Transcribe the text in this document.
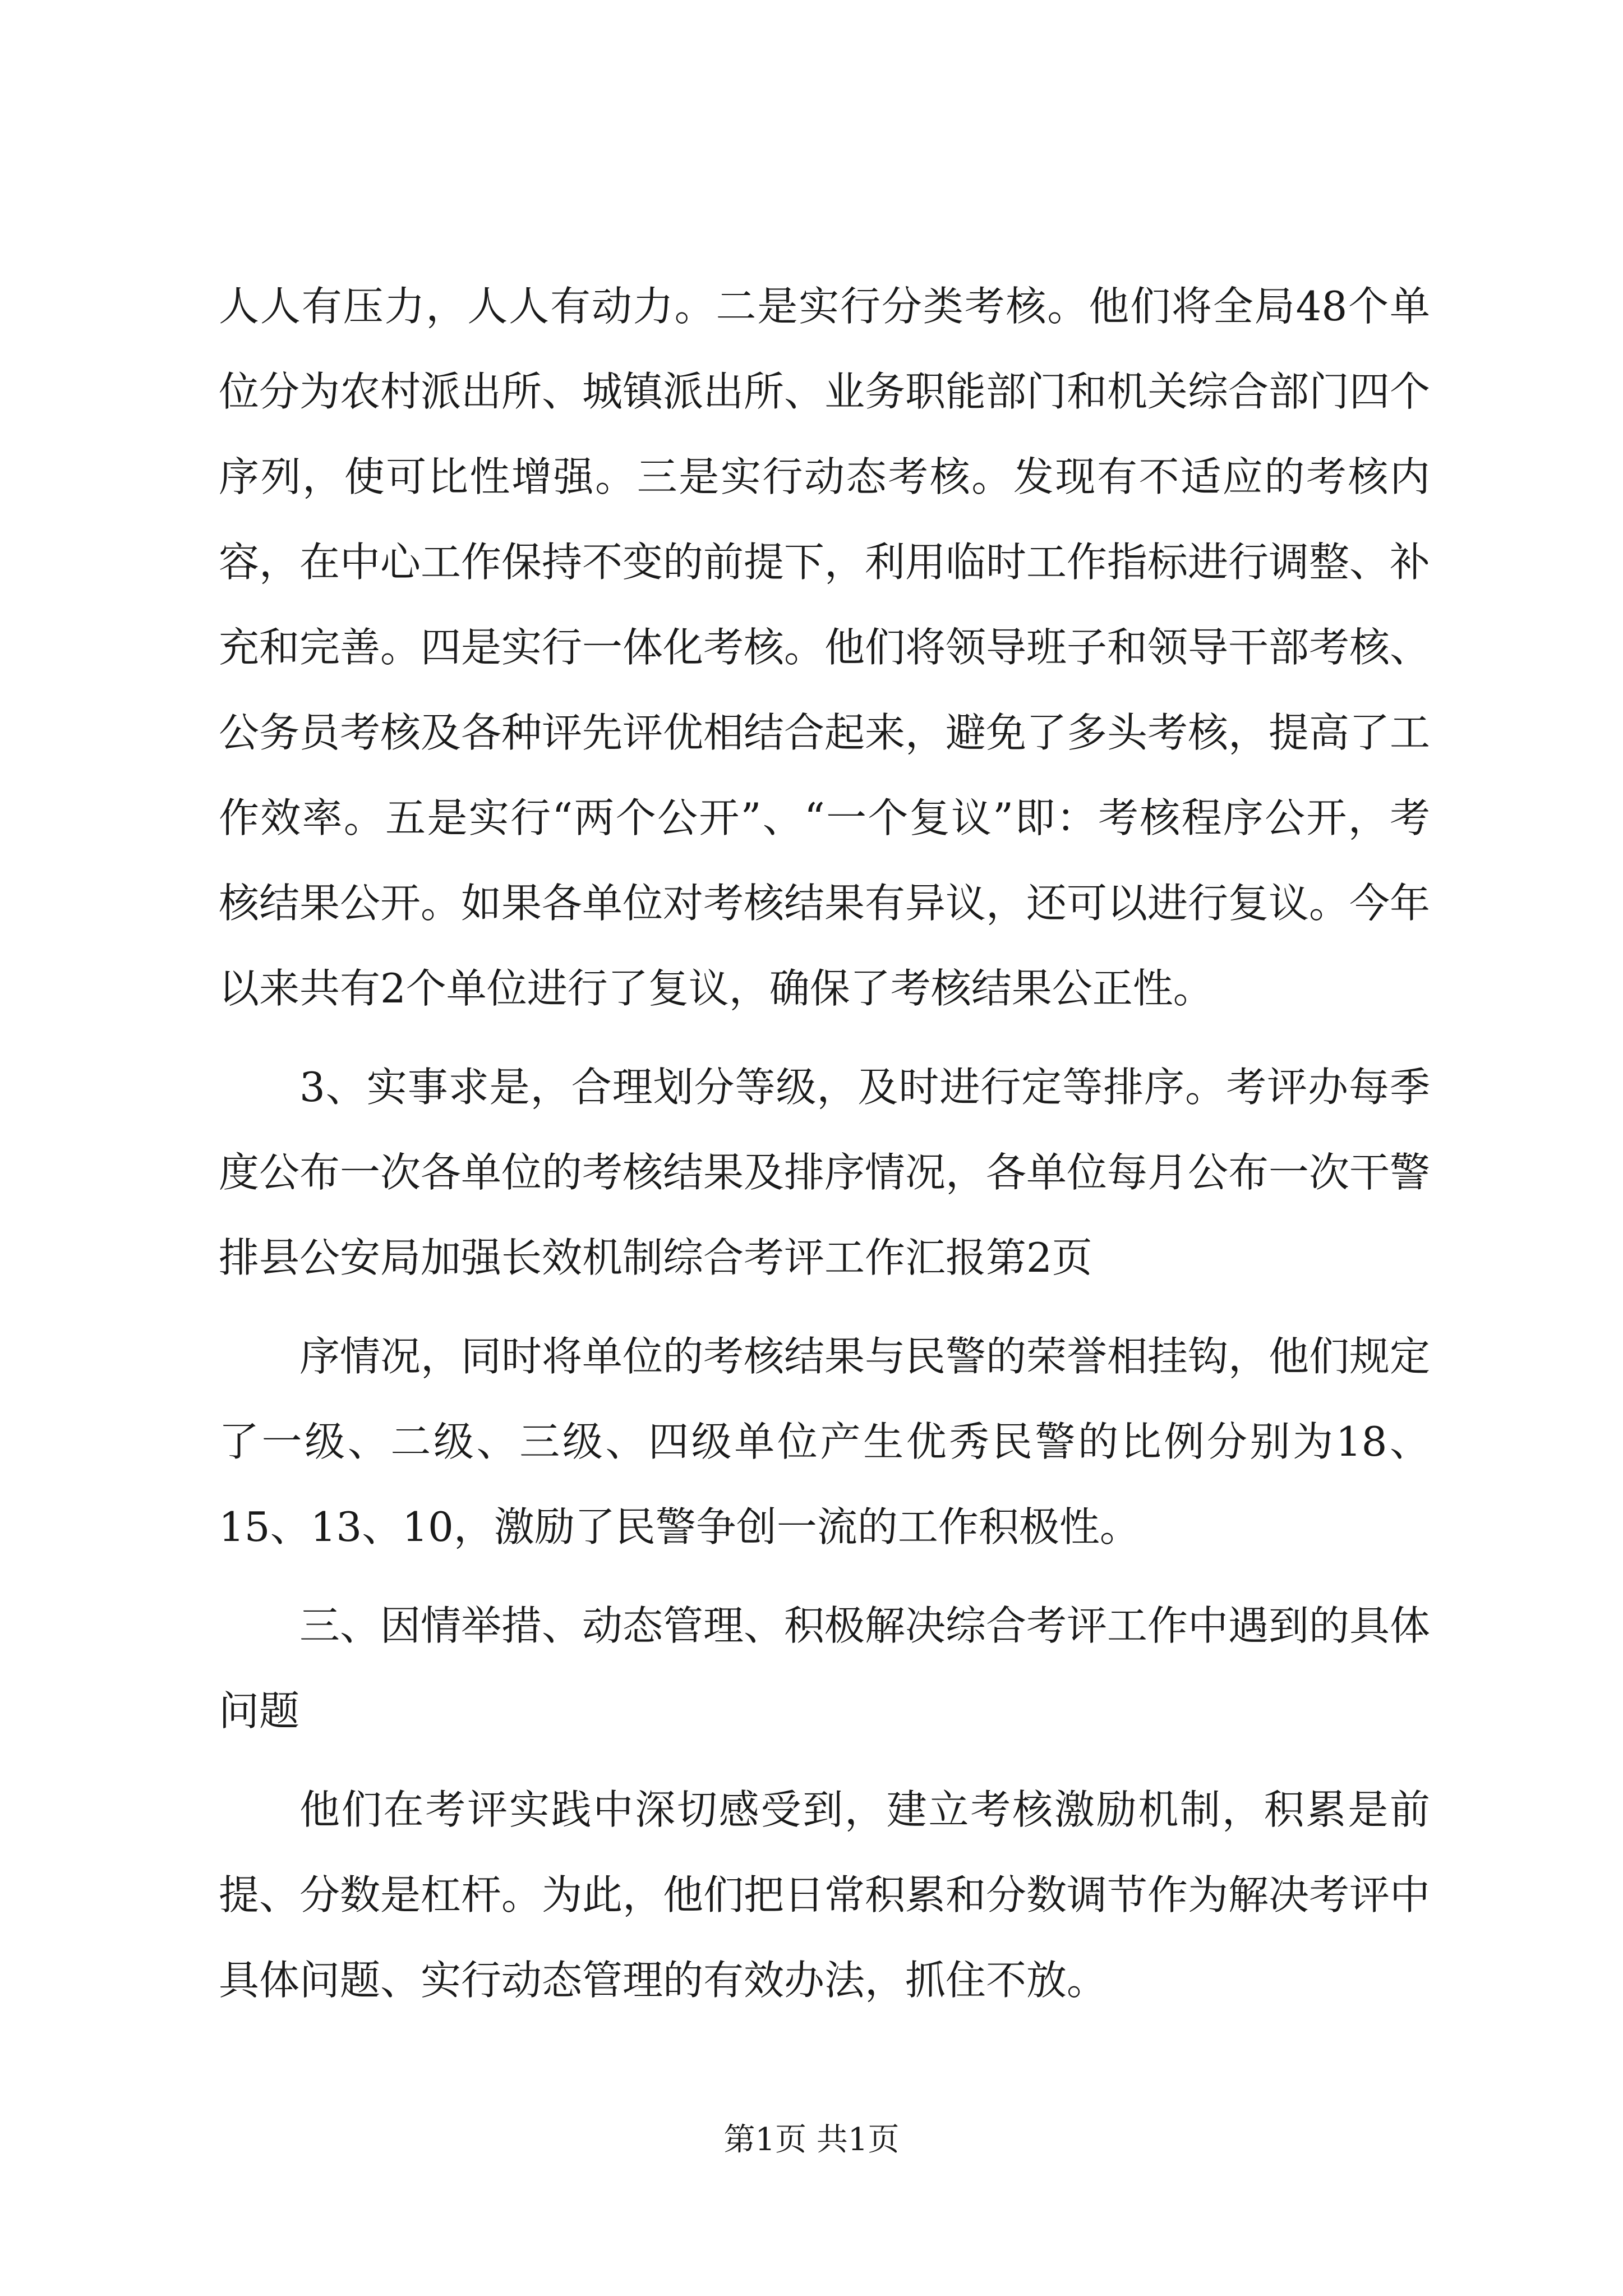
人人有压力，人人有动力。二是实行分类考核。他们将全局48个单位分为农村派出所、城镇派出所、业务职能部门和机关综合部门四个序列，使可比性增强。三是实行动态考核。发现有不适应的考核内容，在中心工作保持不变的前提下，利用临时工作指标进行调整、补充和完善。四是实行一体化考核。他们将领导班子和领导干部考核、公务员考核及各种评先评优相结合起来，避免了多头考核，提高了工作效率。五是实行“两个公开”、“一个复议”即：考核程序公开，考核结果公开。如果各单位对考核结果有异议，还可以进行复议。今年以来共有2个单位进行了复议，确保了考核结果公正性。

3、实事求是，合理划分等级，及时进行定等排序。考评办每季度公布一次各单位的考核结果及排序情况，各单位每月公布一次干警排县公安局加强长效机制综合考评工作汇报第2页

序情况，同时将单位的考核结果与民警的荣誉相挂钩，他们规定了一级、二级、三级、四级单位产生优秀民警的比例分别为18、15、13、10，激励了民警争创一流的工作积极性。

三、因情举措、动态管理、积极解决综合考评工作中遇到的具体问题

他们在考评实践中深切感受到，建立考核激励机制，积累是前提、分数是杠杆。为此，他们把日常积累和分数调节作为解决考评中具体问题、实行动态管理的有效办法，抓住不放。

第1页 共1页
